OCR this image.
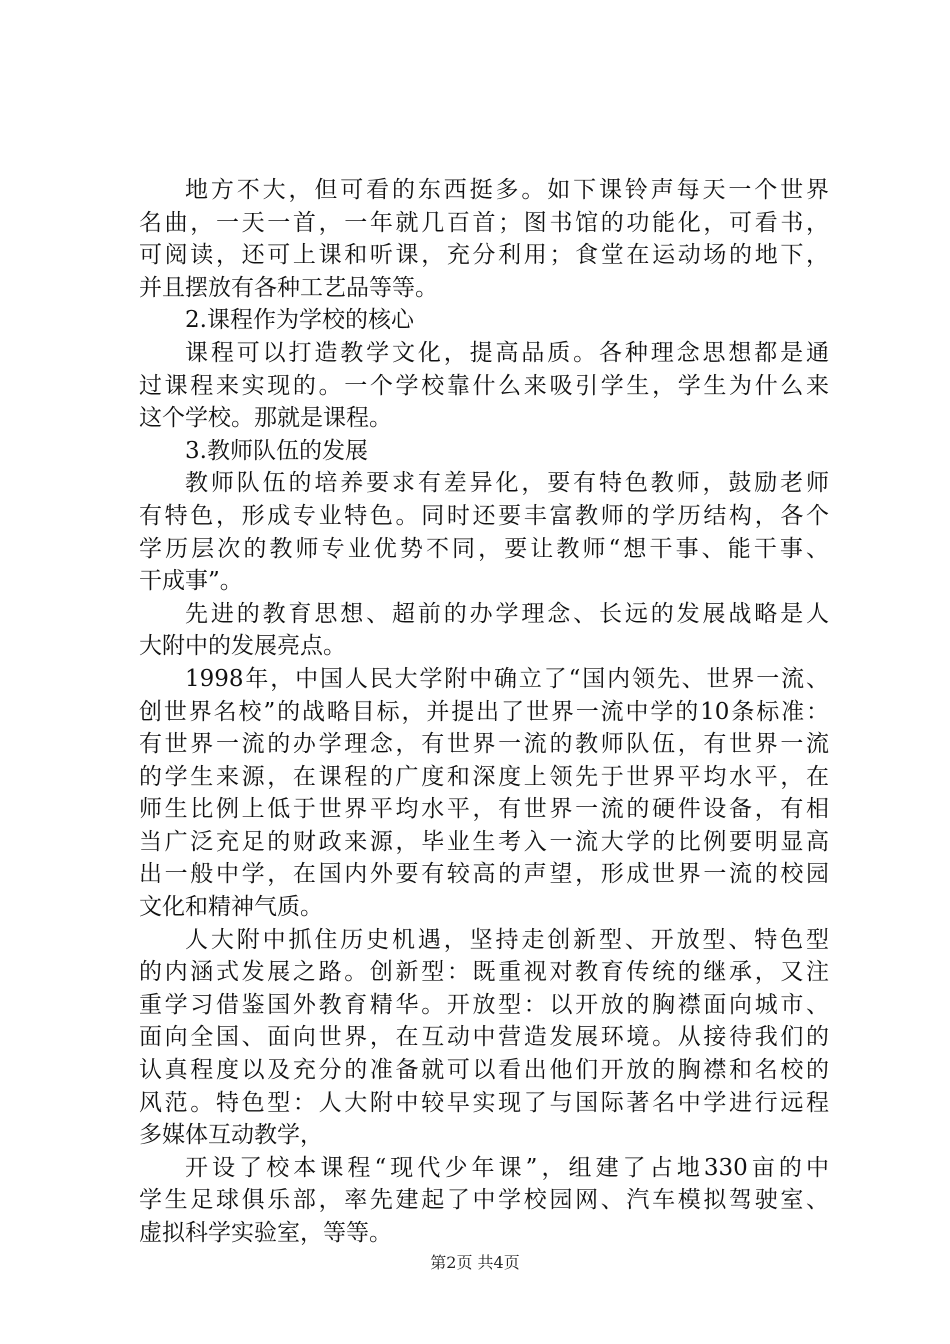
地方不大，但可看的东西挺多。如下课铃声每天一个世界
名曲，一天一首，一年就几百首；图书馆的功能化，可看书，
可阅读，还可上课和听课，充分利用；食堂在运动场的地下，
并且摆放有各种工艺品等等。
2.课程作为学校的核心
课程可以打造教学文化，提高品质。各种理念思想都是通
过课程来实现的。一个学校靠什么来吸引学生，学生为什么来
这个学校。那就是课程。
3.教师队伍的发展
教师队伍的培养要求有差异化，要有特色教师，鼓励老师
有特色，形成专业特色。同时还要丰富教师的学历结构，各个
学历层次的教师专业优势不同，要让教师“想干事、能干事、
干成事”。
先进的教育思想、超前的办学理念、长远的发展战略是人
大附中的发展亮点。
1998年，中国人民大学附中确立了“国内领先、世界一流、
创世界名校”的战略目标，并提出了世界一流中学的10条标准：
有世界一流的办学理念，有世界一流的教师队伍，有世界一流
的学生来源，在课程的广度和深度上领先于世界平均水平，在
师生比例上低于世界平均水平，有世界一流的硬件设备，有相
当广泛充足的财政来源，毕业生考入一流大学的比例要明显高
出一般中学，在国内外要有较高的声望，形成世界一流的校园
文化和精神气质。
人大附中抓住历史机遇，坚持走创新型、开放型、特色型
的内涵式发展之路。创新型：既重视对教育传统的继承，又注
重学习借鉴国外教育精华。开放型：以开放的胸襟面向城市、
面向全国、面向世界，在互动中营造发展环境。从接待我们的
认真程度以及充分的准备就可以看出他们开放的胸襟和名校的
风范。特色型：人大附中较早实现了与国际著名中学进行远程
多媒体互动教学，
开设了校本课程“现代少年课”，组建了占地330亩的中
学生足球俱乐部，率先建起了中学校园网、汽车模拟驾驶室、
虚拟科学实验室，等等。
第2页 共4页
